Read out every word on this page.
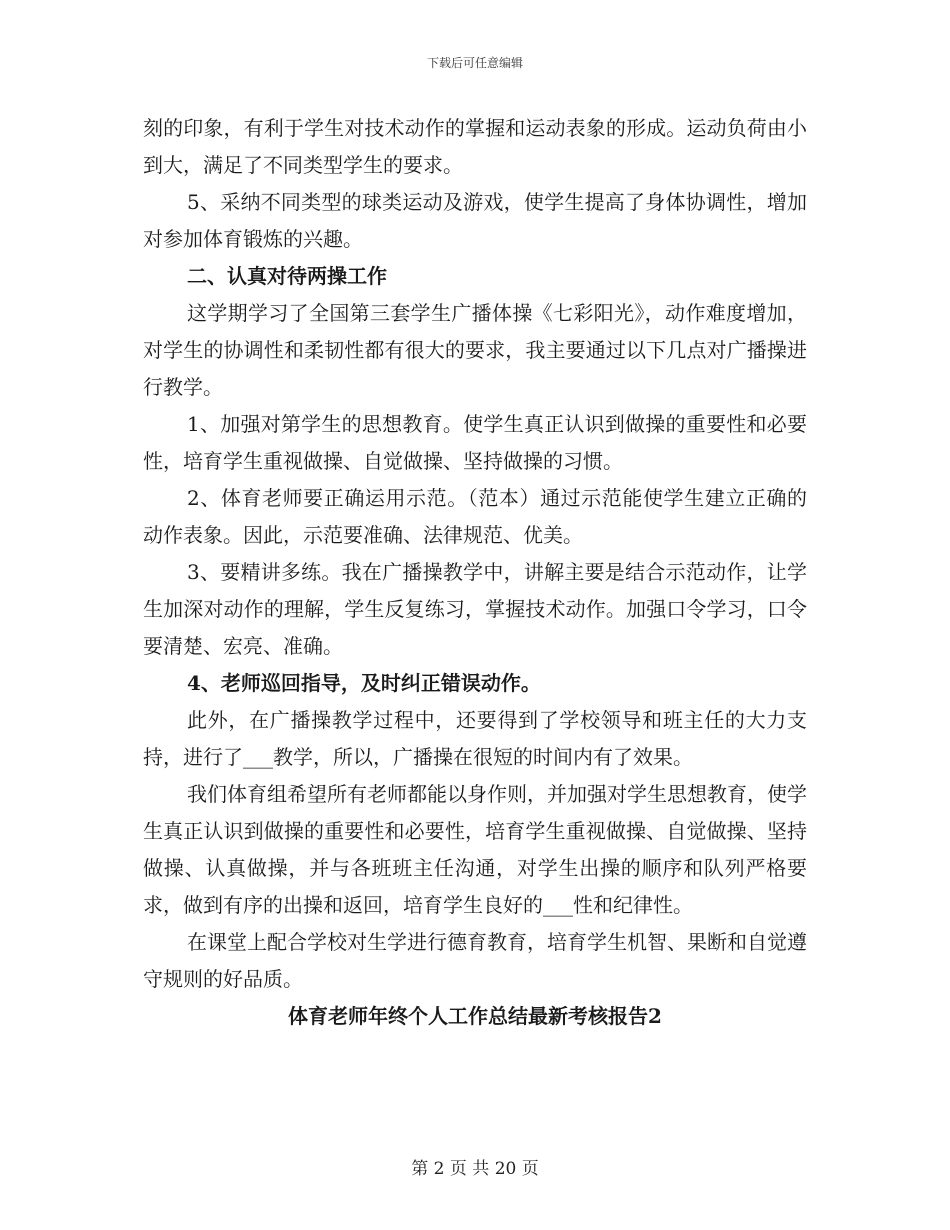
下载后可任意编辑

刻的印象，有利于学生对技术动作的掌握和运动表象的形成。运动负荷由小到大，满足了不同类型学生的要求。

5、采纳不同类型的球类运动及游戏，使学生提高了身体协调性，增加对参加体育锻炼的兴趣。

二、认真对待两操工作

这学期学习了全国第三套学生广播体操《七彩阳光》，动作难度增加，对学生的协调性和柔韧性都有很大的要求，我主要通过以下几点对广播操进行教学。

1、加强对第学生的思想教育。使学生真正认识到做操的重要性和必要性，培育学生重视做操、自觉做操、坚持做操的习惯。

2、体育老师要正确运用示范。（范本）通过示范能使学生建立正确的动作表象。因此，示范要准确、法律规范、优美。

3、要精讲多练。我在广播操教学中，讲解主要是结合示范动作，让学生加深对动作的理解，学生反复练习，掌握技术动作。加强口令学习，口令要清楚、宏亮、准确。

4、老师巡回指导，及时纠正错误动作。

此外，在广播操教学过程中，还要得到了学校领导和班主任的大力支持，进行了___教学，所以，广播操在很短的时间内有了效果。

我们体育组希望所有老师都能以身作则，并加强对学生思想教育，使学生真正认识到做操的重要性和必要性，培育学生重视做操、自觉做操、坚持做操、认真做操，并与各班班主任沟通，对学生出操的顺序和队列严格要求，做到有序的出操和返回，培育学生良好的___性和纪律性。

在课堂上配合学校对生学进行德育教育，培育学生机智、果断和自觉遵守规则的好品质。

体育老师年终个人工作总结最新考核报告2

第 2 页 共 20 页
